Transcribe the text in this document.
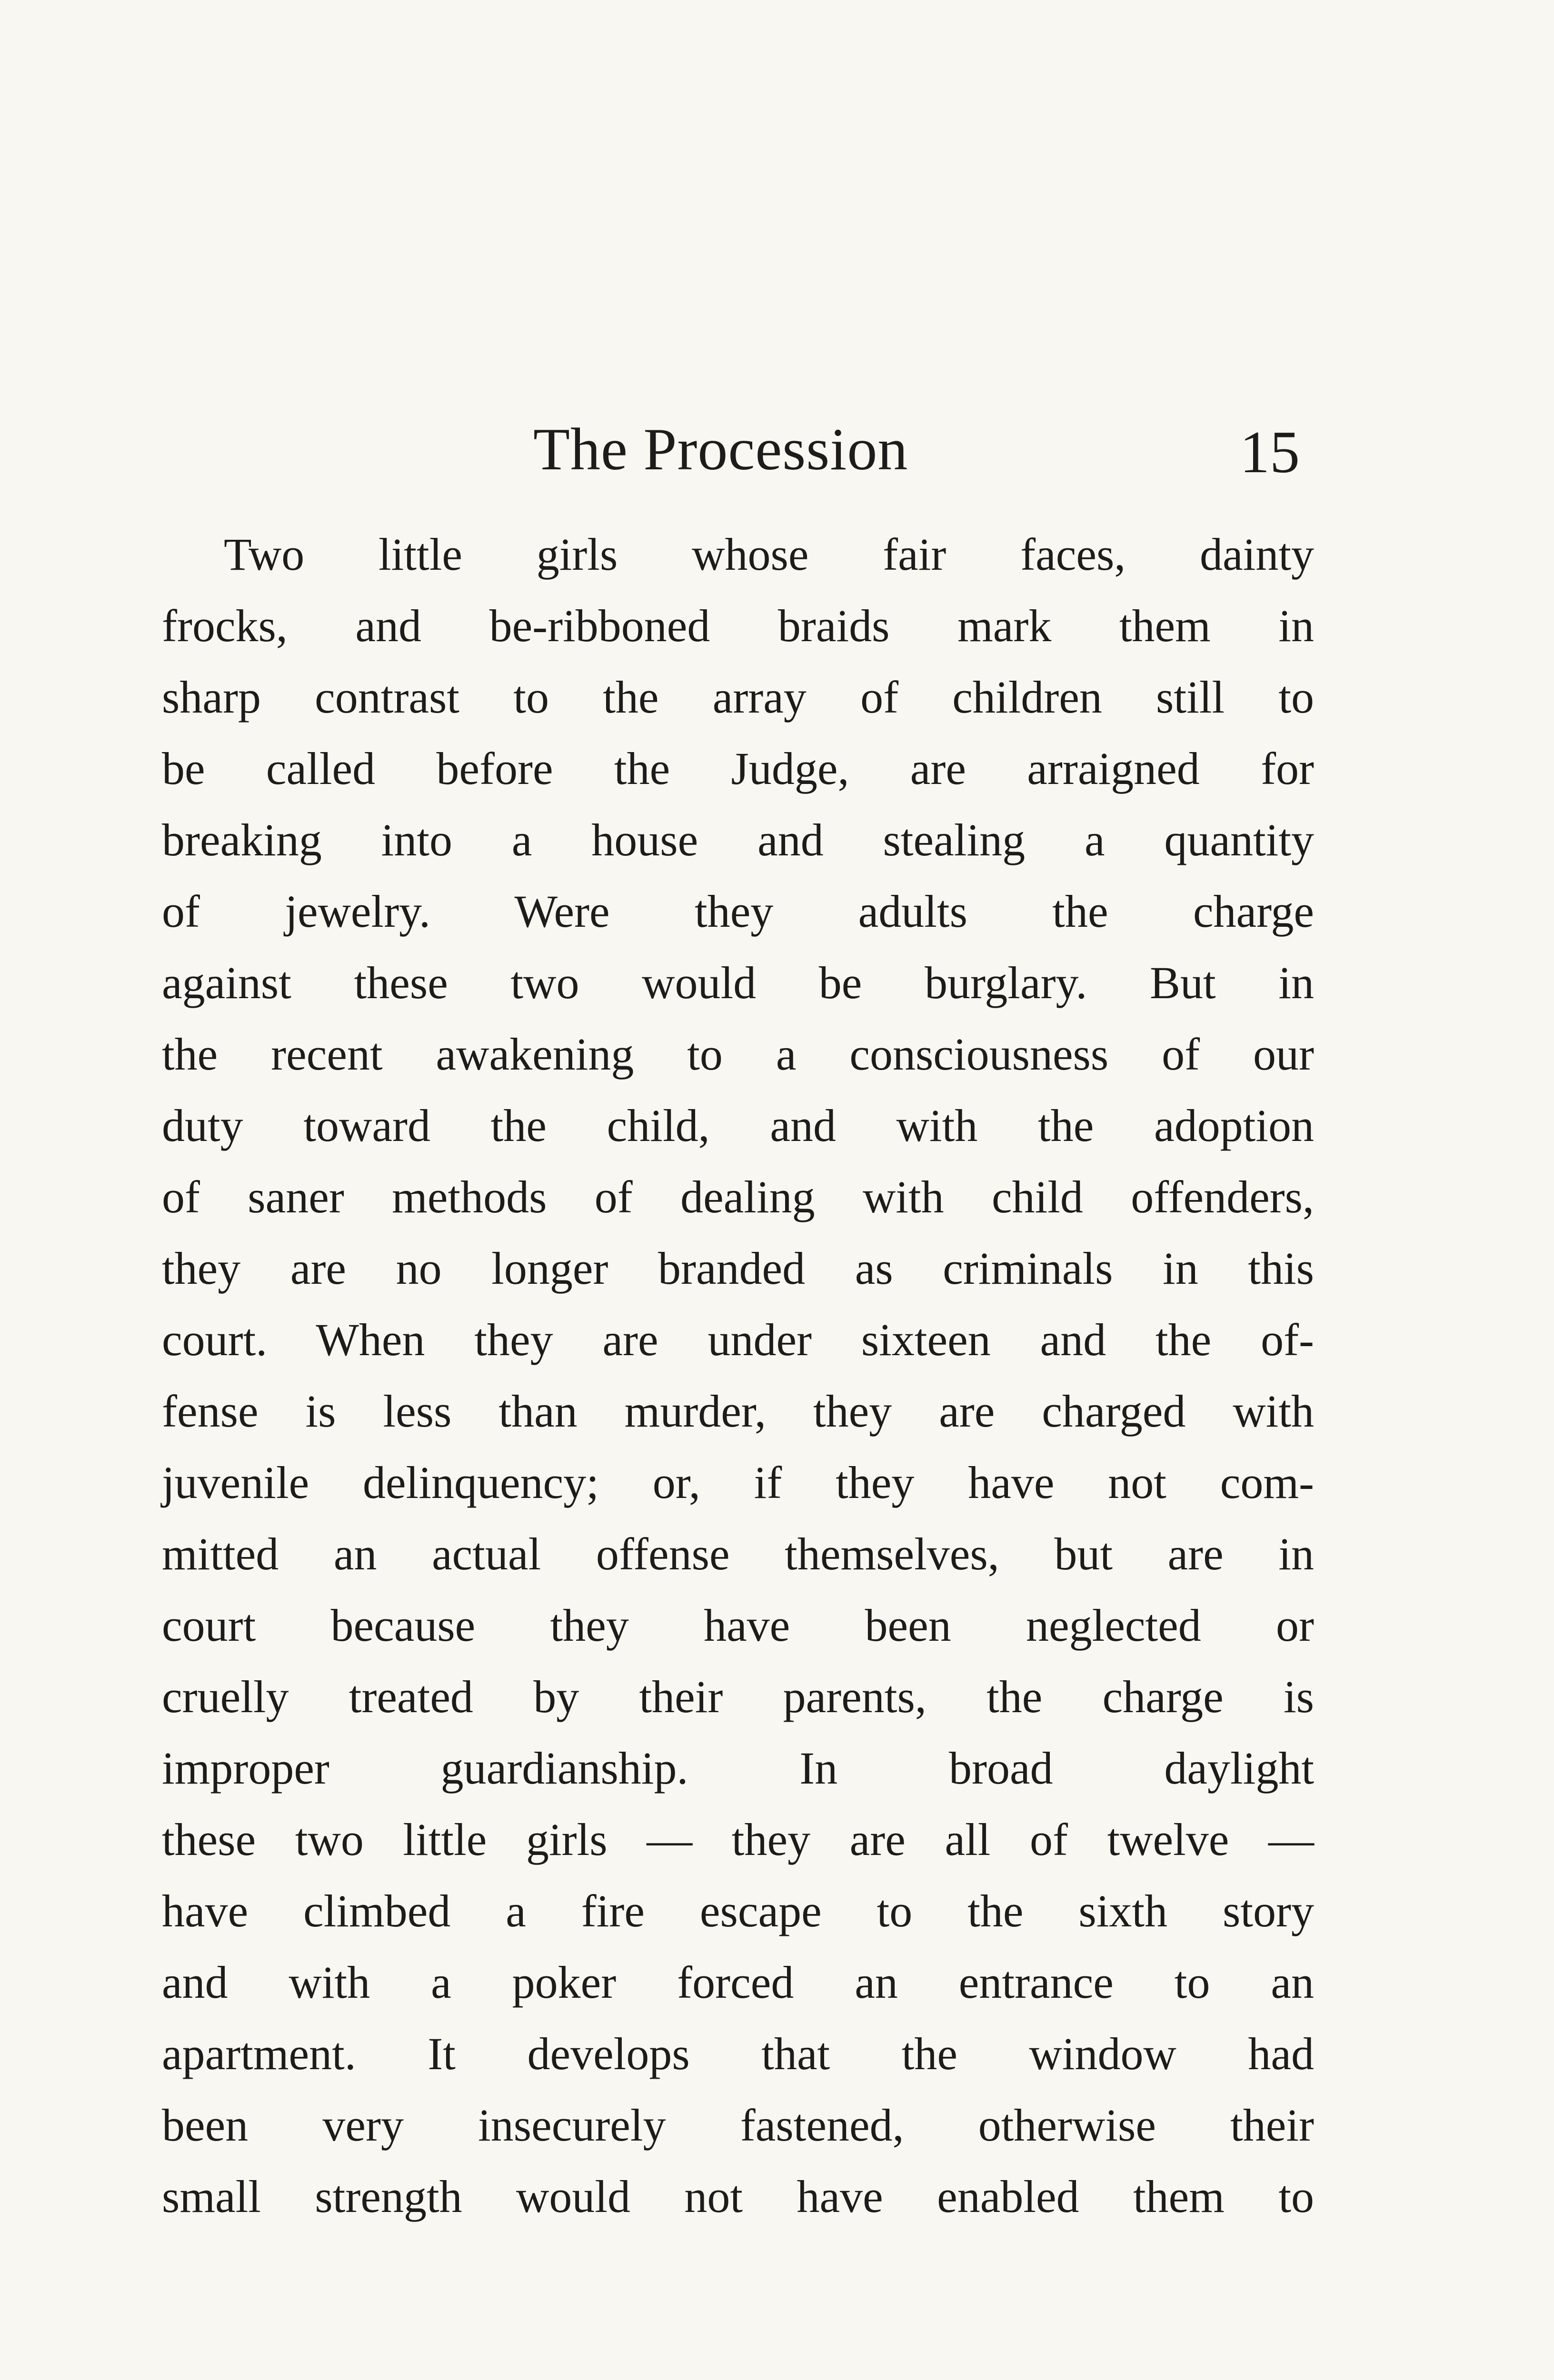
The Procession	15
Two little girls whose fair faces, dainty
frocks, and be-ribboned braids mark them in
sharp contrast to the array of children still to
be called before the Judge, are arraigned for
breaking into a house and stealing a quantity
of jewelry. Were they adults the charge
against these two would be burglary. But in
the recent awakening to a consciousness of our
duty toward the child, and with the adoption
of saner methods of dealing with child offenders,
they are no longer branded as criminals in this
court. When they are under sixteen and the of-
fense is less than murder, they are charged with
juvenile delinquency; or, if they have not com-
mitted an actual offense themselves, but are in
court because they have been neglected or
cruelly treated by their parents, the charge is
improper guardianship. In broad daylight
these two little girls — they are all of twelve —
have climbed a fire escape to the sixth story
and with a poker forced an entrance to an
apartment. It develops that the window had
been very insecurely fastened, otherwise their
small strength would not have enabled them to
